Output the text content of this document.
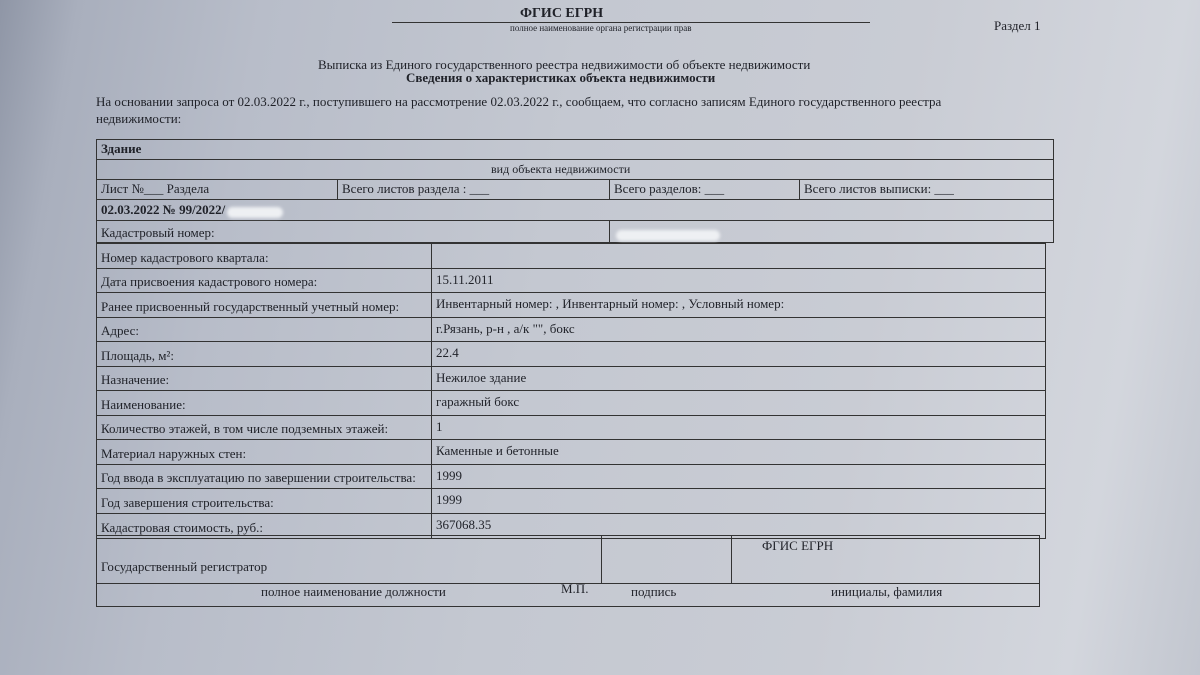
ФГИС ЕГРН
полное наименование органа регистрации прав	Раздел 1
Выписка из Единого государственного реестра недвижимости об объекте недвижимости
Сведения о характеристиках объекта недвижимости
На основании запроса от 02.03.2022 г., поступившего на рассмотрение 02.03.2022 г., сообщаем, что согласно записям Единого государственного реестра недвижимости:
Здание
вид объекта недвижимости
Лист №___ Раздела	Всего листов раздела : ___	Всего разделов: ___	Всего листов выписки: ___
02.03.2022 № 99/2022/
Кадастровый номер:
Номер кадастрового квартала:
Дата присвоения кадастрового номера:	15.11.2011
Ранее присвоенный государственный учетный номер:	Инвентарный номер: , Инвентарный номер: , Условный номер:
Адрес:	г.Рязань, р-н , а/к "", бокс
Площадь, м²:	22.4
Назначение:	Нежилое здание
Наименование:	гаражный бокс
Количество этажей, в том числе подземных этажей:	1
Материал наружных стен:	Каменные и бетонные
Год ввода в эксплуатацию по завершении строительства:	1999
Год завершения строительства:	1999
Кадастровая стоимость, руб.:	367068.35
Государственный регистратор
ФГИС ЕГРН
полное наименование должности	подпись	инициалы, фамилия
М.П.
